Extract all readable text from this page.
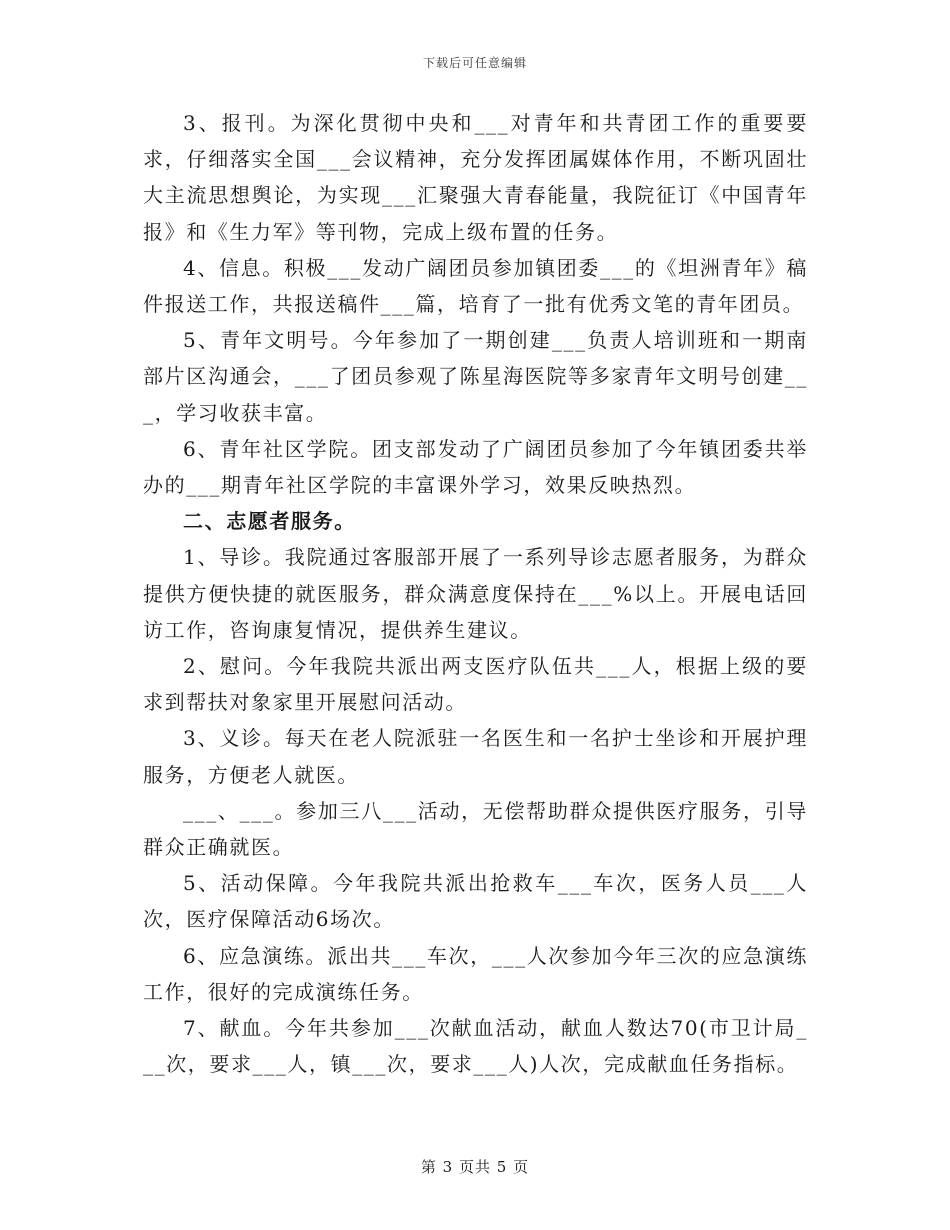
下载后可任意编辑

3、报刊。为深化贯彻中央和___对青年和共青团工作的重要要求，仔细落实全国___会议精神，充分发挥团属媒体作用，不断巩固壮大主流思想舆论，为实现___汇聚强大青春能量，我院征订《中国青年报》和《生力军》等刊物，完成上级布置的任务。

4、信息。积极___发动广阔团员参加镇团委___的《坦洲青年》稿件报送工作，共报送稿件___篇，培育了一批有优秀文笔的青年团员。

5、青年文明号。今年参加了一期创建___负责人培训班和一期南部片区沟通会，___了团员参观了陈星海医院等多家青年文明号创建___，学习收获丰富。

6、青年社区学院。团支部发动了广阔团员参加了今年镇团委共举办的___期青年社区学院的丰富课外学习，效果反映热烈。

二、志愿者服务。

1、导诊。我院通过客服部开展了一系列导诊志愿者服务，为群众提供方便快捷的就医服务，群众满意度保持在___%以上。开展电话回访工作，咨询康复情况，提供养生建议。

2、慰问。今年我院共派出两支医疗队伍共___人，根据上级的要求到帮扶对象家里开展慰问活动。

3、义诊。每天在老人院派驻一名医生和一名护士坐诊和开展护理服务，方便老人就医。

___、___。参加三八___活动，无偿帮助群众提供医疗服务，引导群众正确就医。

5、活动保障。今年我院共派出抢救车___车次，医务人员___人次，医疗保障活动6场次。

6、应急演练。派出共___车次，___人次参加今年三次的应急演练工作，很好的完成演练任务。

7、献血。今年共参加___次献血活动，献血人数达70(市卫计局___次，要求___人，镇___次，要求___人)人次，完成献血任务指标。

第 3 页共 5 页
